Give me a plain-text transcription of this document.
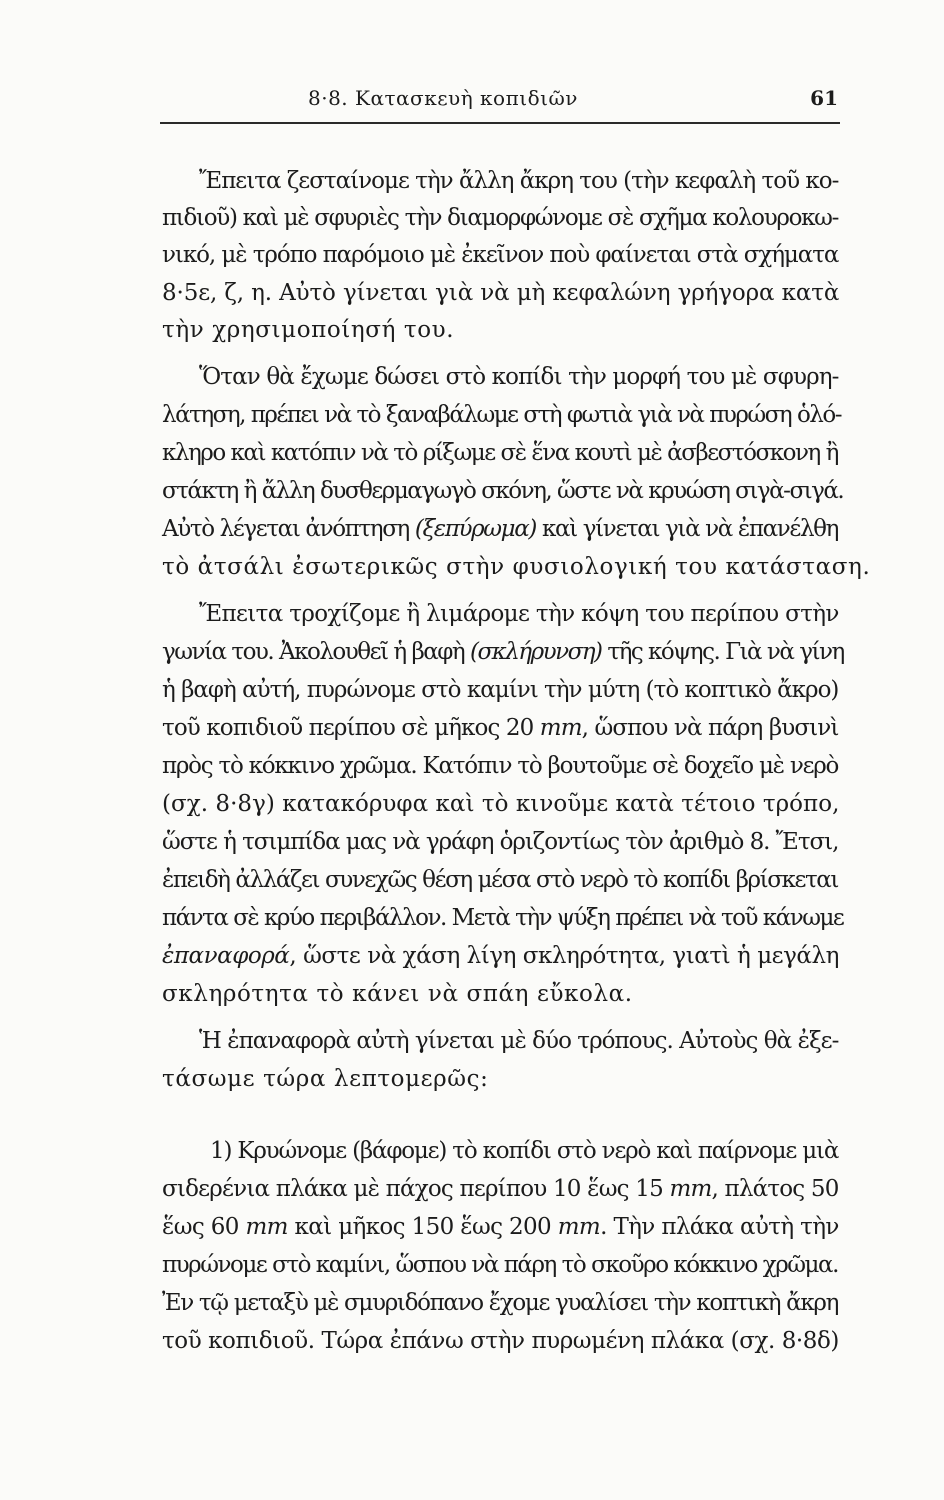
8·8. Κατασκευὴ κοπιδιῶν	61
Ἔπειτα ζεσταίνομε τὴν ἄλλη ἄκρη του (τὴν κεφαλὴ τοῦ κο-
πιδιοῦ) καὶ μὲ σφυριὲς τὴν διαμορφώνομε σὲ σχῆμα κολουροκω-
νικό, μὲ τρόπο παρόμοιο μὲ ἐκεῖνον ποὺ φαίνεται στὰ σχήματα
8·5ε, ζ, η. Αὐτὸ γίνεται γιὰ νὰ μὴ κεφαλώνη γρήγορα κατὰ
τὴν χρησιμοποίησή του.
Ὅταν θὰ ἔχωμε δώσει στὸ κοπίδι τὴν μορφή του μὲ σφυρη-
λάτηση, πρέπει νὰ τὸ ξαναβάλωμε στὴ φωτιὰ γιὰ νὰ πυρώση ὁλό-
κληρο καὶ κατόπιν νὰ τὸ ρίξωμε σὲ ἕνα κουτὶ μὲ ἀσβεστόσκονη ἢ
στάκτη ἢ ἄλλη δυσθερμαγωγὸ σκόνη, ὥστε νὰ κρυώση σιγὰ-σιγά.
Αὐτὸ λέγεται ἀνόπτηση (ξεπύρωμα) καὶ γίνεται γιὰ νὰ ἐπανέλθη
τὸ ἀτσάλι ἐσωτερικῶς στὴν φυσιολογική του κατάσταση.
Ἔπειτα τροχίζομε ἢ λιμάρομε τὴν κόψη του περίπου στὴν
γωνία του. Ἀκολουθεῖ ἡ βαφὴ (σκλήρυνση) τῆς κόψης. Γιὰ νὰ γίνη
ἡ βαφὴ αὐτή, πυρώνομε στὸ καμίνι τὴν μύτη (τὸ κοπτικὸ ἄκρο)
τοῦ κοπιδιοῦ περίπου σὲ μῆκος 20 mm, ὥσπου νὰ πάρη βυσινὶ
πρὸς τὸ κόκκινο χρῶμα. Κατόπιν τὸ βουτοῦμε σὲ δοχεῖο μὲ νερὸ
(σχ. 8·8γ) κατακόρυφα καὶ τὸ κινοῦμε κατὰ τέτοιο τρόπο,
ὥστε ἡ τσιμπίδα μας νὰ γράφη ὁριζοντίως τὸν ἀριθμὸ 8. Ἔτσι,
ἐπειδὴ ἀλλάζει συνεχῶς θέση μέσα στὸ νερὸ τὸ κοπίδι βρίσκεται
πάντα σὲ κρύο περιβάλλον. Μετὰ τὴν ψύξη πρέπει νὰ τοῦ κάνωμε
ἐπαναφορά, ὥστε νὰ χάση λίγη σκληρότητα, γιατὶ ἡ μεγάλη
σκληρότητα τὸ κάνει νὰ σπάη εὔκολα.
Ἡ ἐπαναφορὰ αὐτὴ γίνεται μὲ δύο τρόπους. Αὐτοὺς θὰ ἐξε-
τάσωμε τώρα λεπτομερῶς:
1) Κρυώνομε (βάφομε) τὸ κοπίδι στὸ νερὸ καὶ παίρνομε μιὰ
σιδερένια πλάκα μὲ πάχος περίπου 10 ἕως 15 mm, πλάτος 50
ἕως 60 mm καὶ μῆκος 150 ἕως 200 mm. Τὴν πλάκα αὐτὴ τὴν
πυρώνομε στὸ καμίνι, ὥσπου νὰ πάρη τὸ σκοῦρο κόκκινο χρῶμα.
Ἐν τῷ μεταξὺ μὲ σμυριδόπανο ἔχομε γυαλίσει τὴν κοπτικὴ ἄκρη
τοῦ κοπιδιοῦ. Τώρα ἐπάνω στὴν πυρωμένη πλάκα (σχ. 8·8δ)
